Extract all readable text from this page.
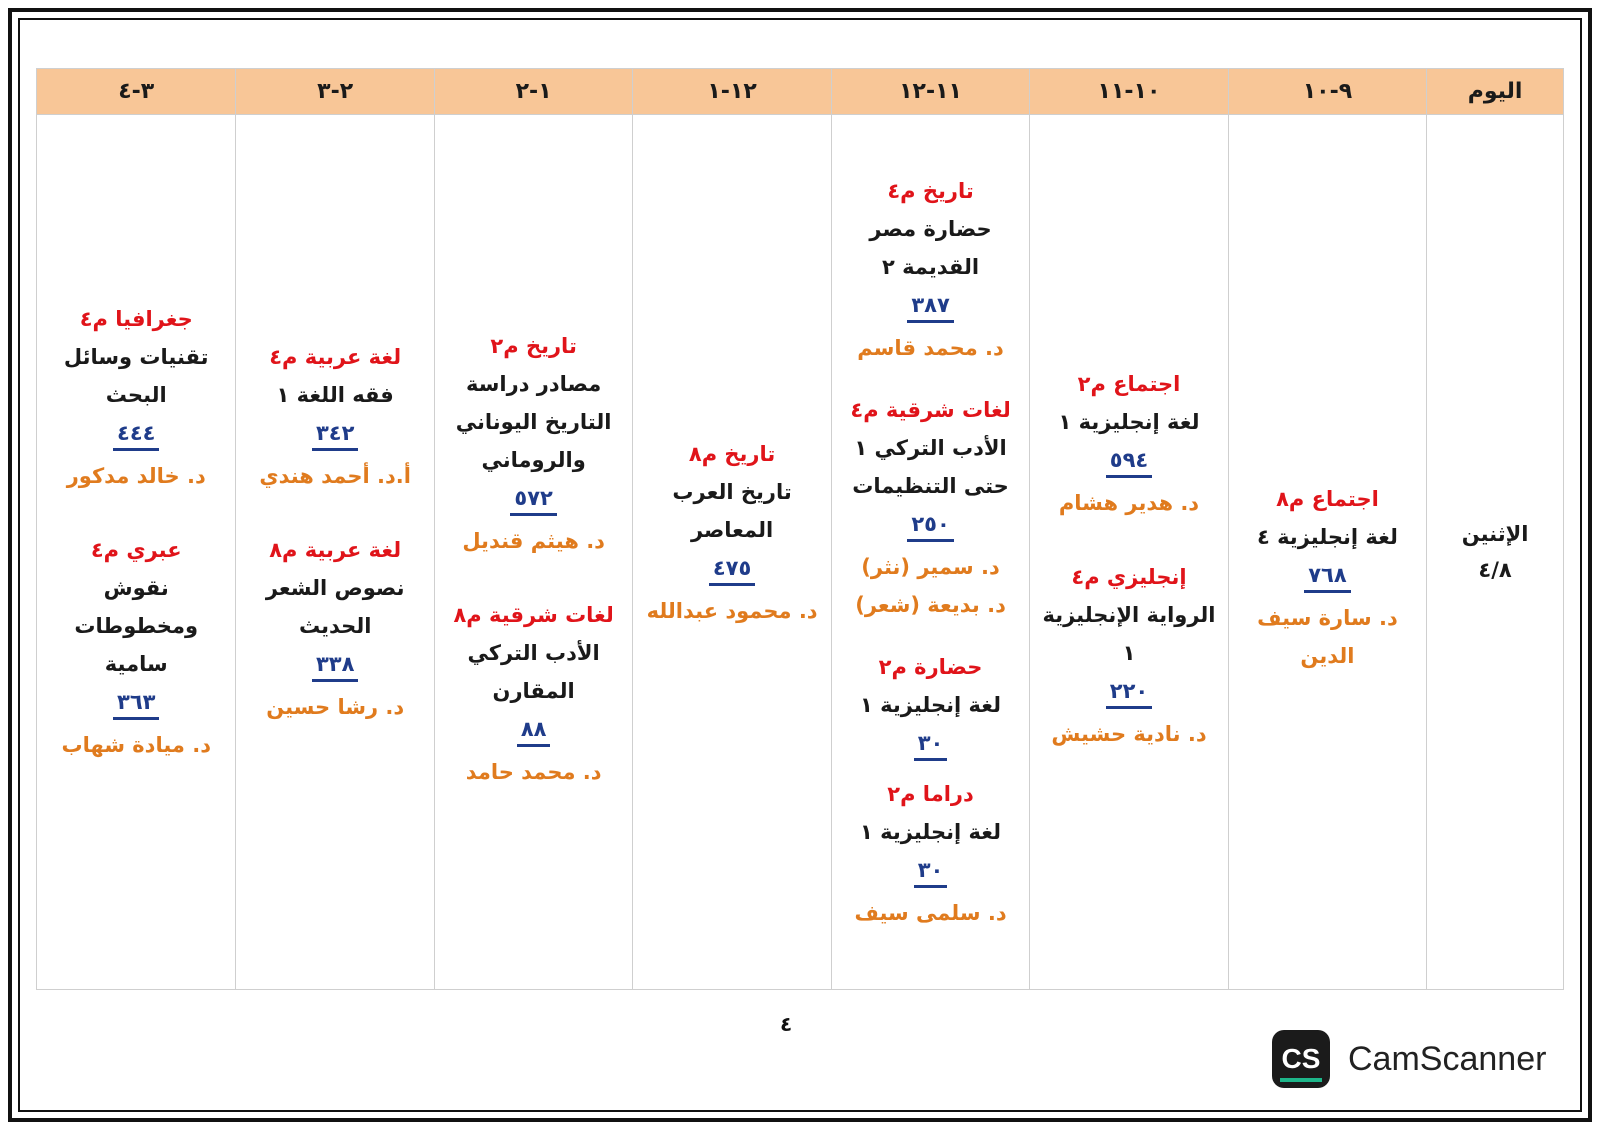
اليوم
الإثنين
٤/٨
٩-١٠
اجتماع م٨
لغة إنجليزية ٤
٧٦٨
د. سارة سيف الدين
١٠-١١
اجتماع م٢
لغة إنجليزية ١
٥٩٤
د. هدير هشام
إنجليزي م٤
الرواية الإنجليزية ١
٢٢٠
د. نادية حشيش
١١-١٢
تاريخ م٤
حضارة مصر القديمة ٢
٣٨٧
د. محمد قاسم
لغات شرقية م٤
الأدب التركي ١ حتى التنظيمات
٢٥٠
د. سمير (نثر)
د. بديعة (شعر)
حضارة م٢
لغة إنجليزية ١
٣٠
دراما م٢
لغة إنجليزية ١
٣٠
د. سلمى سيف
١٢-١
تاريخ م٨
تاريخ العرب المعاصر
٤٧٥
د. محمود عبدالله
١-٢
تاريخ م٢
مصادر دراسة التاريخ اليوناني والروماني
٥٧٢
د. هيثم قنديل
لغات شرقية م٨
الأدب التركي المقارن
٨٨
د. محمد حامد
٢-٣
لغة عربية م٤
فقه اللغة ١
٣٤٢
أ.د. أحمد هندي
لغة عربية م٨
نصوص الشعر الحديث
٣٣٨
د. رشا حسين
٣-٤
جغرافيا م٤
تقنيات وسائل البحث
٤٤٤
د. خالد مدكور
عبري م٤
نقوش ومخطوطات سامية
٣٦٣
د. ميادة شهاب
٤
CS CamScanner
